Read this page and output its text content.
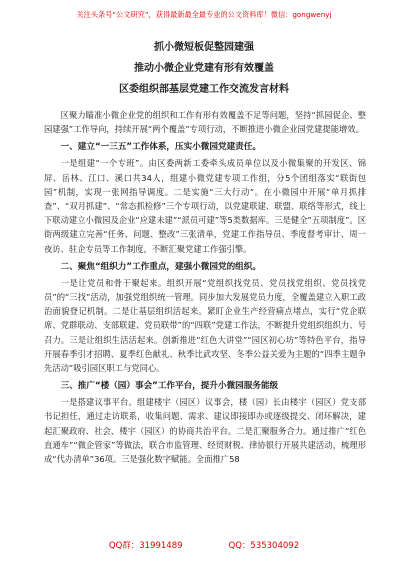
关注头条号“公文研究”，获得最新最全最专业的公文资料库！微信：gongwenyj
抓小微短板促整园建强
推动小微企业党建有形有效覆盖
区委组织部基层党建工作交流发言材料

区聚力瞄准小微企业党的组织和工作有形有效覆盖不足等问题，坚持“抓园促企、整园建强”工作导向，持续开展“两个覆盖”专项行动，不断推进小微企业园党建提能增效。

一、建立“一三五”工作体系，压实小微园党建责任。

一是组建“一个专班”。由区委两新工委牵头成员单位以及小微集聚的开发区、锦屏、岳林、江口、溪口共34人，组建小微党建专项工作组，分5个团组落实“联街包园”机制，实现一张网指导调度。二是实施“三大行动”。在小微园中开展“单月抓排查”、“双月抓建”、“常态抓检修”三个专项行动，以党建联建、联盟、联络等形式，线上下联动建立小微园及企业“应建未建”“派员可建”等5类数据库。三是健全“五项制度”。区街两级建立完善“任务、问题、整改”三张清单，党建工作指导员、季度督考审计、周一夜访、驻企专员等工作制度，不断汇聚党建工作强引擎。

二、聚焦“组织力”工作重点，建强小微园党的组织。

一是让党员和骨干聚起来。组织开展“党组织找党员、党员找党组织、党员找党员”的“三找”活动，加强党组织统一管理。同步加大发展党员力度，全覆盖建立入职工政治面貌登记机制。二是让基层组织活起来。紧盯企业生产经营痛点堵点，实行“党企联席、党群联动、支部联建、党员联带”的“四联”党建工作法，不断提升党组织组织力、号召力。三是让组织生活活起来。创新推进“红色大讲堂”“园区初心坊”等特色平台，指导开展春季引才招聘、夏季红色献礼、秋季比武攻坚、冬季公益关爱为主题的“四季主题争先活动”吸引园区职工与党同心。

三、推广“楼（园）事会”工作平台，提升小微园服务能级

一是搭建议事平台。组建楼宇（园区）议事会，楼（园）长由楼宇（园区）党支部书记担任，通过走访联系，收集问题、需求、建议即接即办或逐级提交、闭环解决，建起汇聚政府、社会、楼宇（园区）的协商共治平台。二是汇聚服务合力。通过推广“红色直通车”“微企管家”等做法，联合市监管理、经贸财税、律协银行开展共建活动，梳理形成“代办清单”36项。三是强化数字赋能。全面推广58

QQ群：31991489	QQ：535304092
